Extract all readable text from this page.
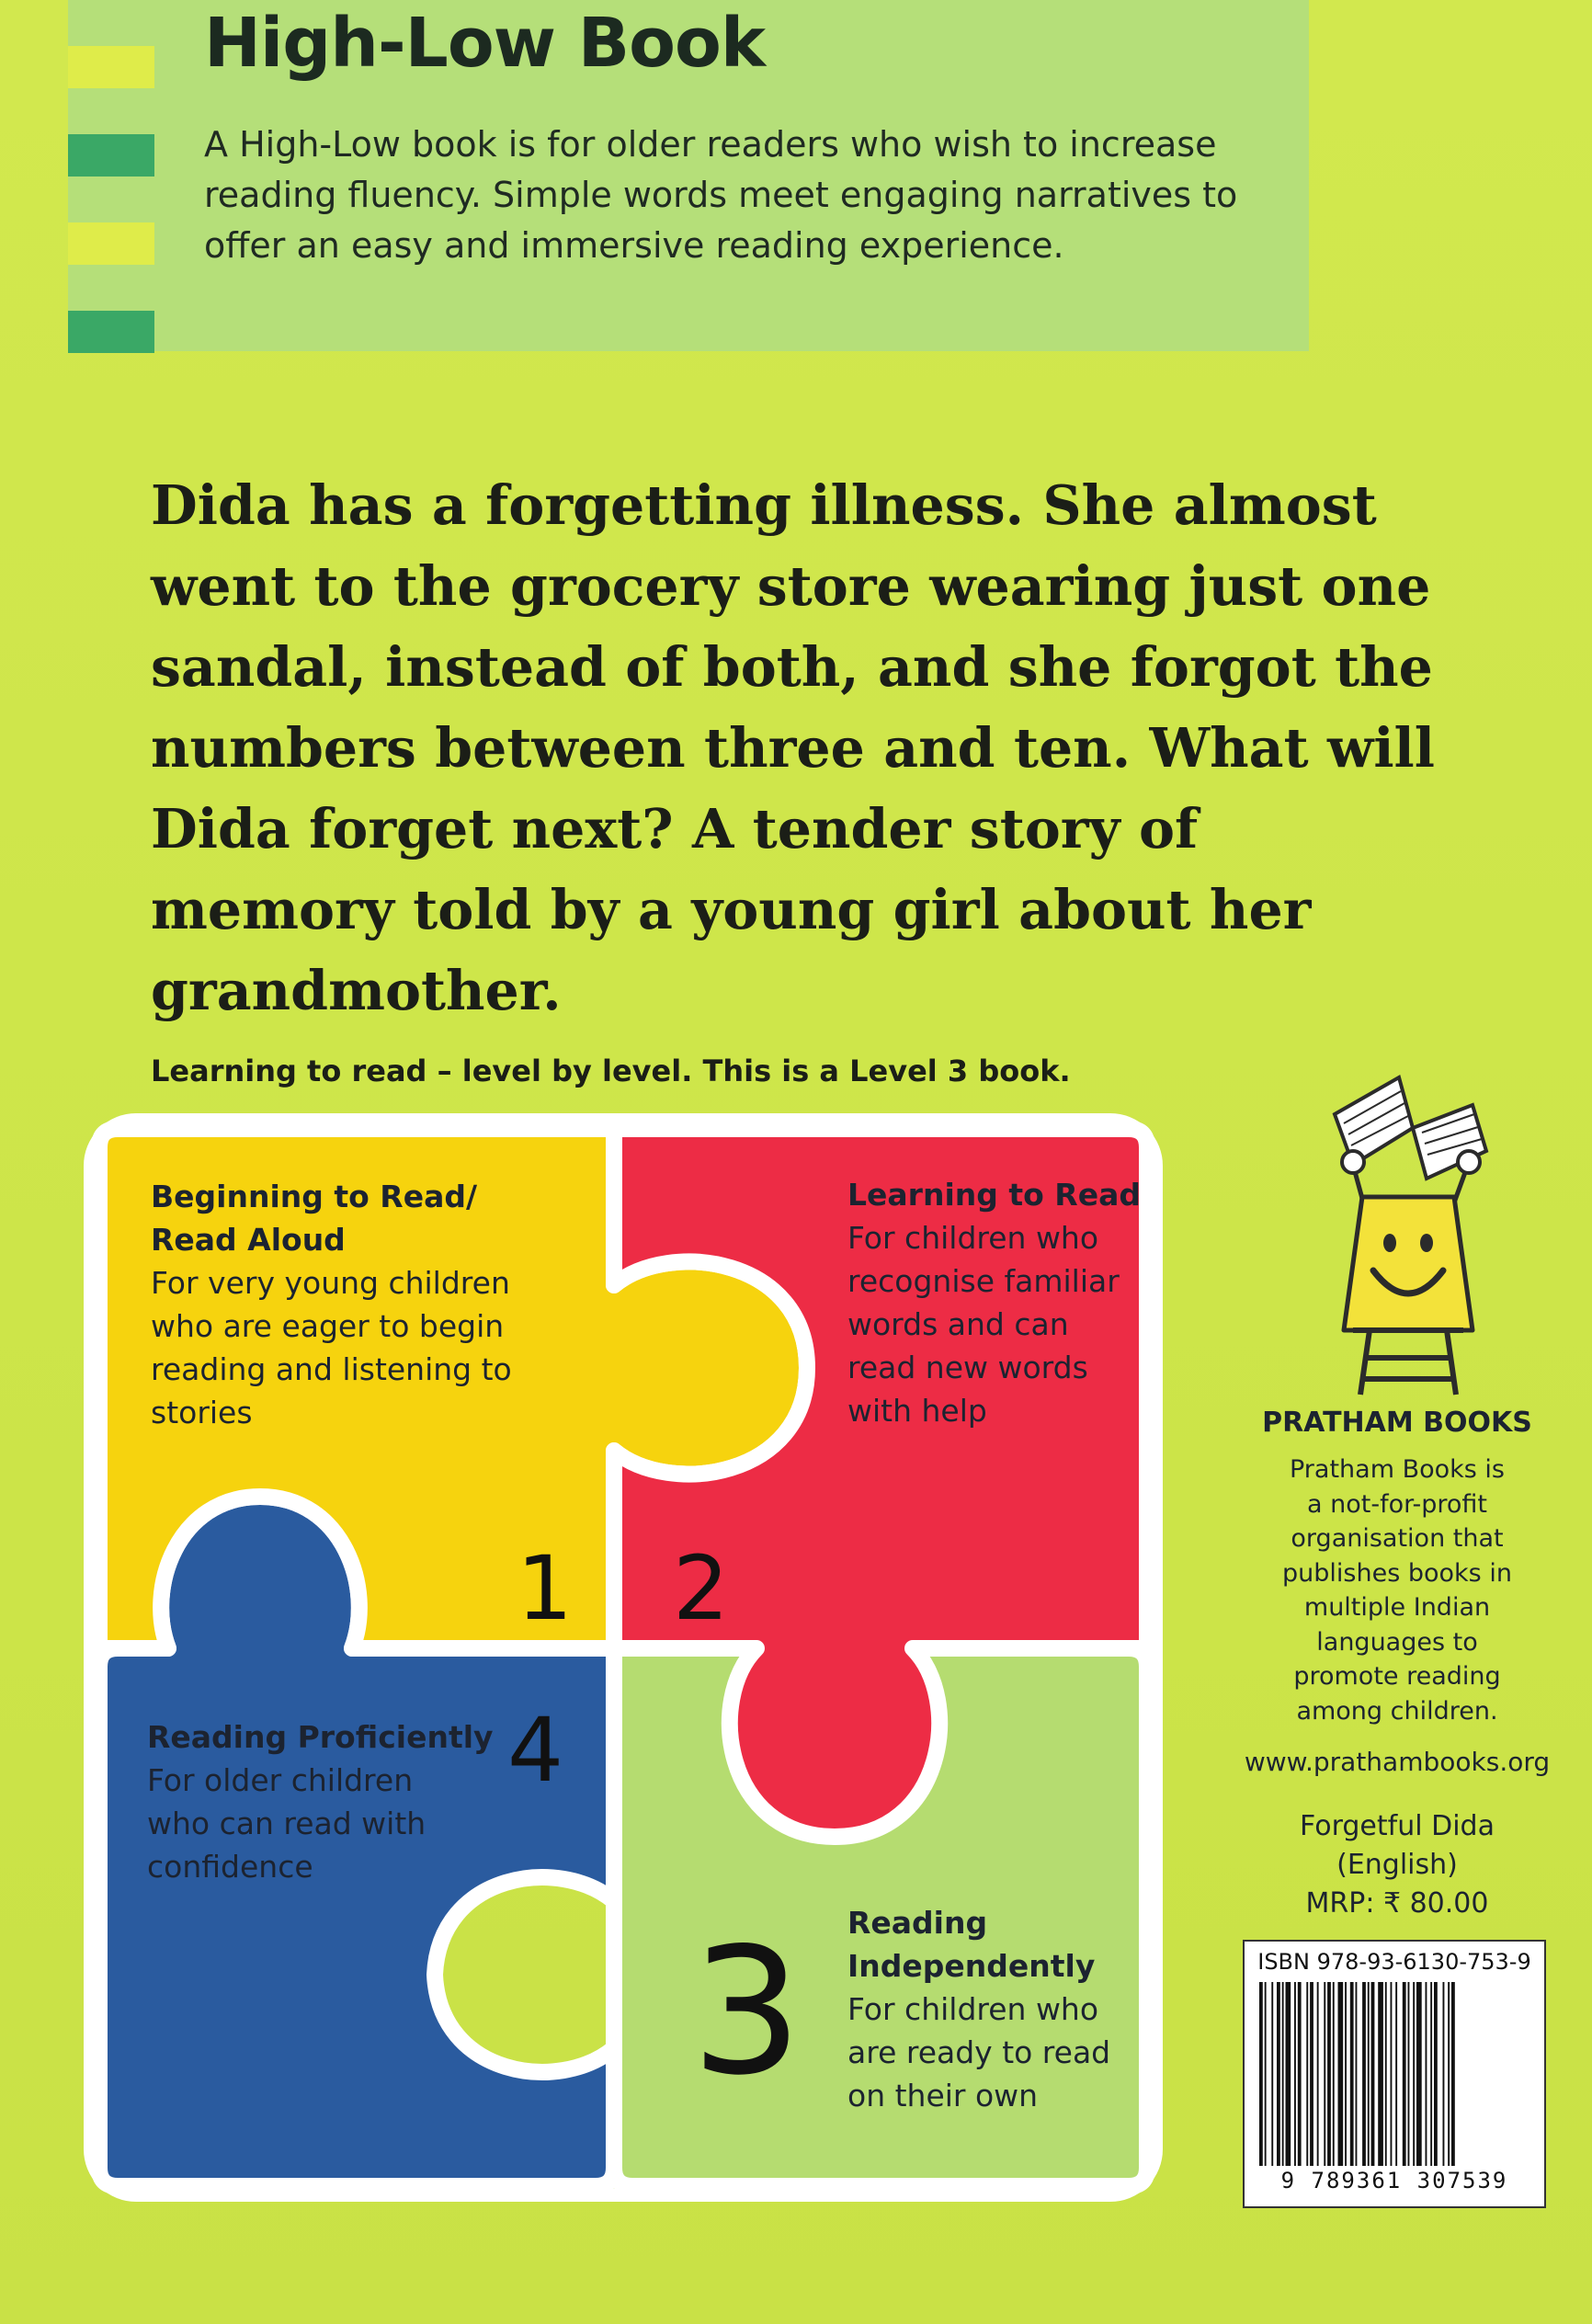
High-Low Book
A High-Low book is for older readers who wish to increase reading fluency. Simple words meet engaging narratives to offer an easy and immersive reading experience.
Dida has a forgetting illness. She almost went to the grocery store wearing just one sandal, instead of both, and she forgot the numbers between three and ten. What will Dida forget next? A tender story of memory told by a young girl about her grandmother.
Learning to read – level by level. This is a Level 3 book.
Beginning to Read/
Read Aloud
For very young children
who are eager to begin
reading and listening to
stories
1
Learning to Read
For children who
recognise familiar
words and can
read new words
with help
2
Reading Proficiently
For older children
who can read with
confidence
4
Reading
Independently
For children who
are ready to read
on their own
3
PRATHAM BOOKS
Pratham Books is
a not-for-profit
organisation that
publishes books in
multiple Indian
languages to
promote reading
among children.
www.prathambooks.org
Forgetful Dida
(English)
MRP: ₹ 80.00
ISBN 978-93-6130-753-9
9 789361 307539
